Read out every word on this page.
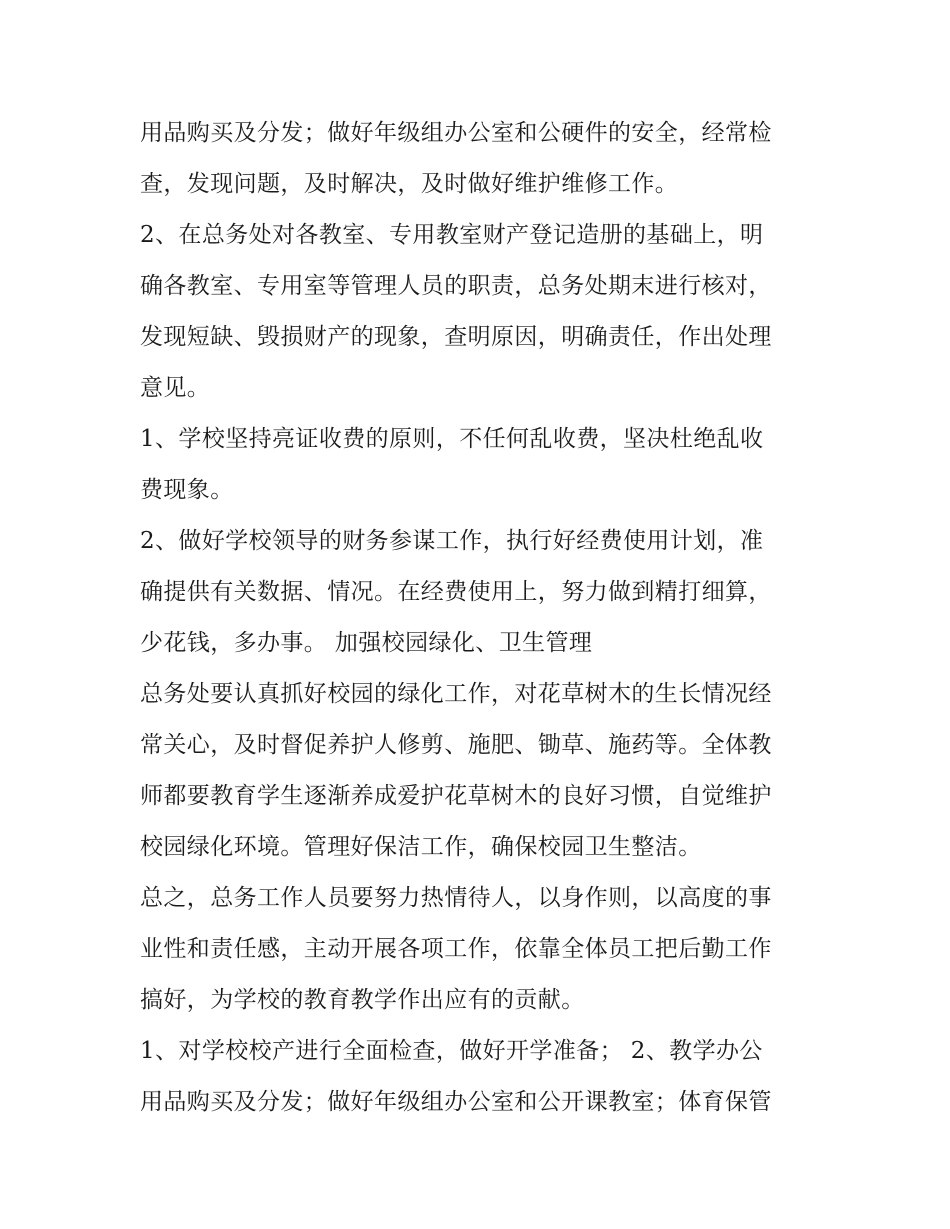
用品购买及分发；做好年级组办公室和公硬件的安全，经常检
查，发现问题，及时解决，及时做好维护维修工作。
2、在总务处对各教室、专用教室财产登记造册的基础上，明
确各教室、专用室等管理人员的职责，总务处期末进行核对，
发现短缺、毁损财产的现象，查明原因，明确责任，作出处理
意见。
1、学校坚持亮证收费的原则，不任何乱收费，坚决杜绝乱收
费现象。
2、做好学校领导的财务参谋工作，执行好经费使用计划，准
确提供有关数据、情况。在经费使用上，努力做到精打细算，
少花钱，多办事。 加强校园绿化、卫生管理
总务处要认真抓好校园的绿化工作，对花草树木的生长情况经
常关心，及时督促养护人修剪、施肥、锄草、施药等。全体教
师都要教育学生逐渐养成爱护花草树木的良好习惯，自觉维护
校园绿化环境。管理好保洁工作，确保校园卫生整洁。
总之，总务工作人员要努力热情待人，以身作则，以高度的事
业性和责任感，主动开展各项工作，依靠全体员工把后勤工作
搞好，为学校的教育教学作出应有的贡献。
1、对学校校产进行全面检查，做好开学准备； 2、教学办公
用品购买及分发；做好年级组办公室和公开课教室；体育保管
